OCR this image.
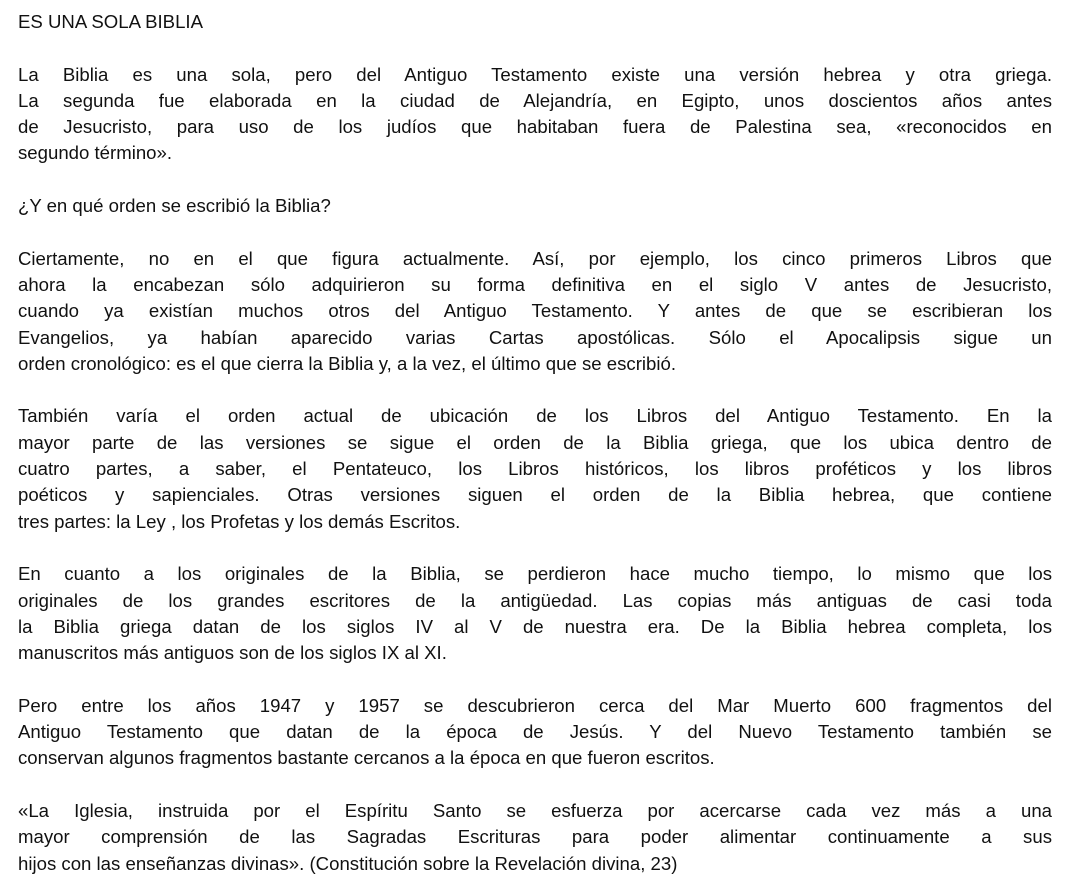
ES UNA SOLA BIBLIA
La Biblia es una sola, pero del Antiguo Testamento existe una versión hebrea y otra griega.
La segunda fue elaborada en la ciudad de Alejandría, en Egipto, unos doscientos años antes
de Jesucristo, para uso de los judíos que habitaban fuera de Palestina sea, «reconocidos en
segundo término».
¿Y en qué orden se escribió la Biblia?
Ciertamente, no en el que figura actualmente. Así, por ejemplo, los cinco primeros Libros que
ahora la encabezan sólo adquirieron su forma definitiva en el siglo V antes de Jesucristo,
cuando ya existían muchos otros del Antiguo Testamento. Y antes de que se escribieran los
Evangelios, ya habían aparecido varias Cartas apostólicas. Sólo el Apocalipsis sigue un
orden cronológico: es el que cierra la Biblia y, a la vez, el último que se escribió.
También varía el orden actual de ubicación de los Libros del Antiguo Testamento. En la
mayor parte de las versiones se sigue el orden de la Biblia griega, que los ubica dentro de
cuatro partes, a saber, el Pentateuco, los Libros históricos, los libros proféticos y los libros
poéticos y sapienciales. Otras versiones siguen el orden de la Biblia hebrea, que contiene
tres partes: la Ley , los Profetas y los demás Escritos.
En cuanto a los originales de la Biblia, se perdieron hace mucho tiempo, lo mismo que los
originales de los grandes escritores de la antigüedad. Las copias más antiguas de casi toda
la Biblia griega datan de los siglos IV al V de nuestra era. De la Biblia hebrea completa, los
manuscritos más antiguos son de los siglos IX al XI.
Pero entre los años 1947 y 1957 se descubrieron cerca del Mar Muerto 600 fragmentos del
Antiguo Testamento que datan de la época de Jesús. Y del Nuevo Testamento también se
conservan algunos fragmentos bastante cercanos a la época en que fueron escritos.
«La Iglesia, instruida por el Espíritu Santo se esfuerza por acercarse cada vez más a una
mayor comprensión de las Sagradas Escrituras para poder alimentar continuamente a sus
hijos con las enseñanzas divinas». (Constitución sobre la Revelación divina, 23)
